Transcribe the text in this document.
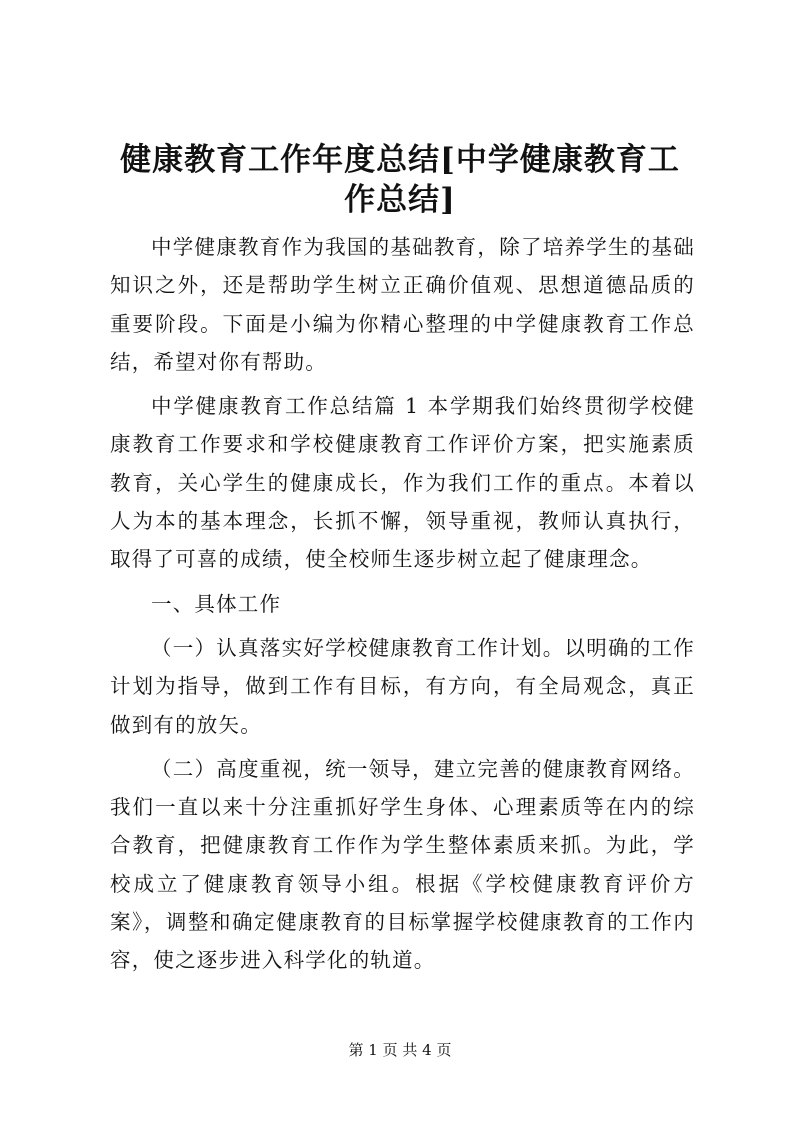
健康教育工作年度总结[中学健康教育工作总结]

中学健康教育作为我国的基础教育，除了培养学生的基础知识之外，还是帮助学生树立正确价值观、思想道德品质的重要阶段。下面是小编为你精心整理的中学健康教育工作总结，希望对你有帮助。

中学健康教育工作总结篇 1 本学期我们始终贯彻学校健康教育工作要求和学校健康教育工作评价方案，把实施素质教育，关心学生的健康成长，作为我们工作的重点。本着以人为本的基本理念，长抓不懈，领导重视，教师认真执行，取得了可喜的成绩，使全校师生逐步树立起了健康理念。

一、具体工作

（一）认真落实好学校健康教育工作计划。以明确的工作计划为指导，做到工作有目标，有方向，有全局观念，真正做到有的放矢。

（二）高度重视，统一领导，建立完善的健康教育网络。我们一直以来十分注重抓好学生身体、心理素质等在内的综合教育，把健康教育工作作为学生整体素质来抓。为此，学校成立了健康教育领导小组。根据《学校健康教育评价方案》，调整和确定健康教育的目标掌握学校健康教育的工作内容，使之逐步进入科学化的轨道。

第 1 页 共 4 页
